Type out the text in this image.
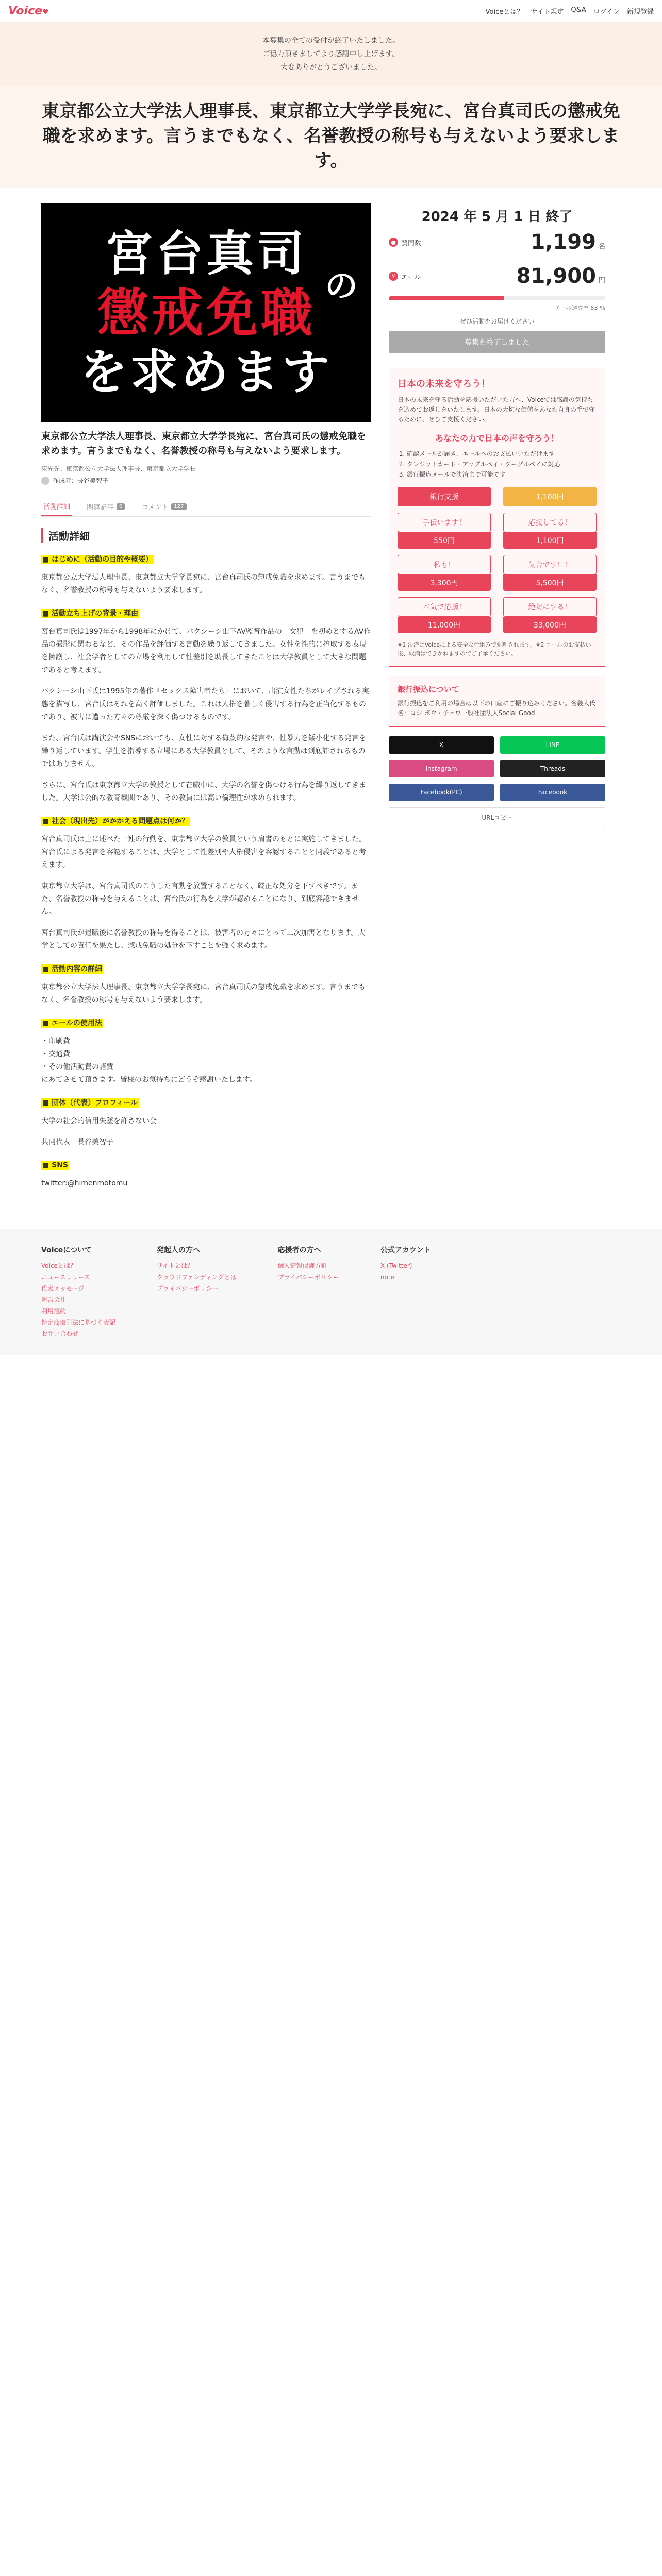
Voice♥	Voiceとは？ サイト規定 Q&A ログイン 新規登録
本募集の全ての受付が終了いたしました。
ご協力頂きましてより感謝申し上げます。
大変ありがとうございました。
東京都公立大学法人理事長、東京都立大学学長宛に、宮台真司氏の懲戒免職を求めます。言うまでもなく、名誉教授の称号も与えないよう要求します。
宮台真司
の
懲戒免職
を求めます
東京都公立大学法人理事長、東京都立大学学長宛に、宮台真司氏の懲戒免職を求めます。言うまでもなく、名誉教授の称号も与えないよう要求します。
宛先先：東京都公立大学法人理事長、東京都立大学学長
作成者：長谷美智子
活動詳細 関連記事	0	コメント	127
活動詳細
■ はじめに（活動の目的や概要）

東京都公立大学法人理事長、東京都立大学学長宛に、宮台真司氏の懲戒免職を求めます。言うまでもなく、名誉教授の称号も与えないよう要求します。

■ 活動立ち上げの背景・理由

宮台真司氏は1997年から1998年にかけて、バクシーシ山下AV監督作品の「女犯」を初めとするAV作品の撮影に関わるなど、その作品を評価する言動を繰り返してきました。女性を性的に搾取する表現を擁護し、社会学者としての立場を利用して性差別を助長してきたことは大学教員として大きな問題であると考えます。

バクシーシ山下氏は1995年の著作『セックス障害者たち』において、出演女性たちがレイプされる実態を描写し、宮台氏はそれを高く評価しました。これは人権を著しく侵害する行為を正当化するものであり、被害に遭った方々の尊厳を深く傷つけるものです。

また、宮台氏は講演会やSNSにおいても、女性に対する侮蔑的な発言や、性暴力を矮小化する発言を繰り返しています。学生を指導する立場にある大学教員として、そのような言動は到底許されるものではありません。

さらに、宮台氏は東京都立大学の教授として在職中に、大学の名誉を傷つける行為を繰り返してきました。大学は公的な教育機関であり、その教員には高い倫理性が求められます。

■ 社会（現出先）がかかえる問題点は何か？

宮台真司氏は上に述べた一連の行動を、東京都立大学の教員という肩書のもとに実施してきました。宮台氏による発言を容認することは、大学として性差別や人権侵害を容認することと同義であると考えます。

東京都立大学は、宮台真司氏のこうした言動を放置することなく、厳正な処分を下すべきです。また、名誉教授の称号を与えることは、宮台氏の行為を大学が認めることになり、到底容認できません。

宮台真司氏が退職後に名誉教授の称号を得ることは、被害者の方々にとって二次加害となります。大学としての責任を果たし、懲戒免職の処分を下すことを強く求めます。

■ 活動内容の詳細

東京都公立大学法人理事長、東京都立大学学長宛に、宮台真司氏の懲戒免職を求めます。言うまでもなく、名誉教授の称号も与えないよう要求します。

■ エールの使用法
・印刷費
・交通費
・その他活動費の諸費

にあてさせて頂きます。皆様のお気持ちにどうぞ感謝いたします。

■ 団体（代表）プロフィール

大学の社会的信用失墜を許さない会

共同代表　長谷美智子

■ SNS

twitter:@himenmotomu

2024 年 5 月 1 日 終了
● 賛同数	1,199 名
¥ エール	81,900 円
エール達成率 53 ％
ぜひ活動をお届けください
募集を終了しました
日本の未来を守ろう！

日本の未来を守る活動を応援いただいた方へ、Voiceでは感謝の気持ちを込めてお返しをいたします。日本の大切な価値をあなた自身の手で守るために、ぜひご支援ください。

あなたの力で日本の声を守ろう！
1. 確認メールが届き、エールへのお支払いいただけます
2. クレジットカード・アップルペイ・グーグルペイに対応
3. 銀行振込メールで決済まで可能です
銀行支援	1,100円
手伝います！
550円
応援してる！
1,100円
私も！
3,300円
気合です！！
5,500円
本気で応援！
11,000円
絶対にする！
33,000円
※1 決済はVoiceによる安全な仕組みで処理されます。※2 エールのお支払い後、取消はできかねますのでご了承ください。
銀行振込について
銀行振込をご利用の場合は以下の口座にご振り込みください。名義人氏名：ヨシ ボウ・チョウ一般社団法人Social Good
X	LINE
Instagram	Threads
Facebook(PC)	Facebook
URLコピー
Voiceについて
Voiceとは？
ニュースリリース
代表メッセージ
運営会社
利用規約
特定商取引法に基づく表記
お問い合わせ
発起人の方へ
サイトとは？
クラウドファンディングとは
プライバシーポリシー
応援者の方へ
個人情報保護方針
プライバシーポリシー
公式アカウント
X (Twitter)
note
